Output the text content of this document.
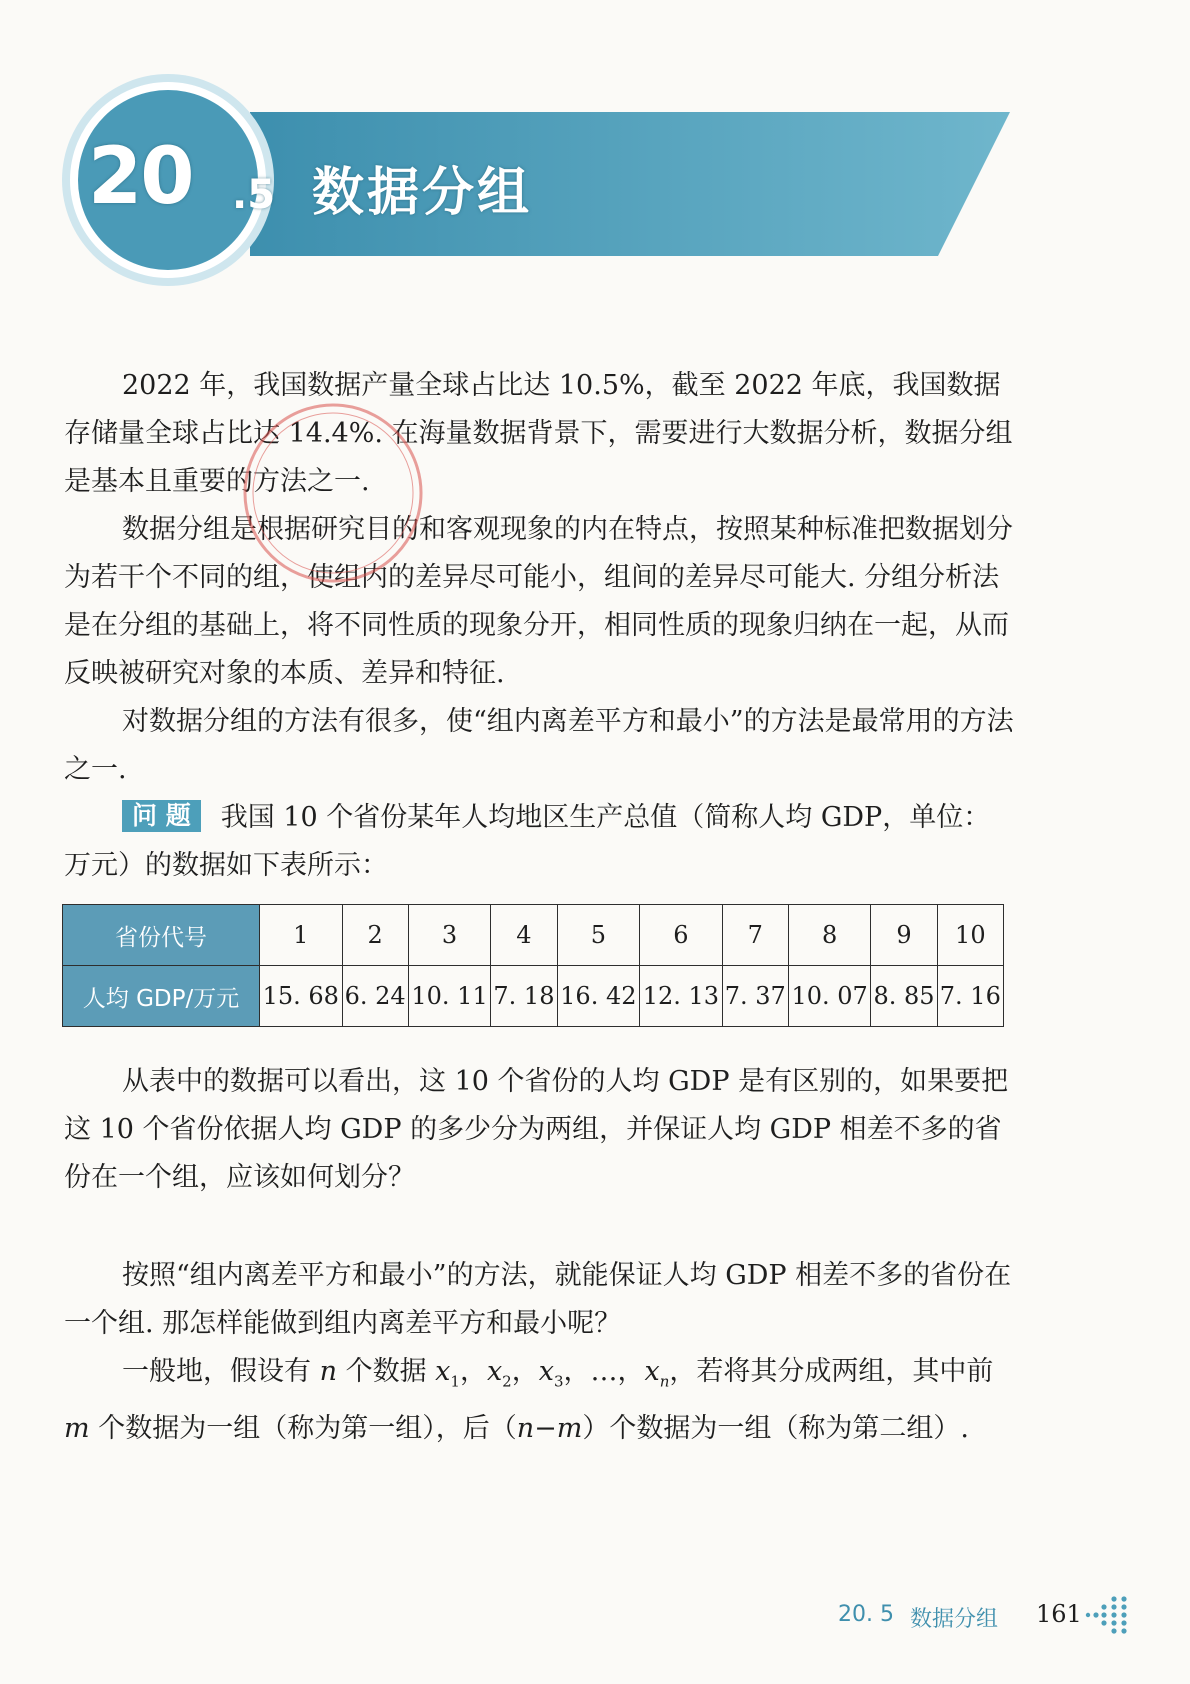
20 .5 数据分组

2022 年，我国数据产量全球占比达 10.5%，截至 2022 年底，我国数据存储量全球占比达 14.4%. 在海量数据背景下，需要进行大数据分析，数据分组是基本且重要的方法之一.

数据分组是根据研究目的和客观现象的内在特点，按照某种标准把数据划分为若干个不同的组，使组内的差异尽可能小，组间的差异尽可能大. 分组分析法是在分组的基础上，将不同性质的现象分开，相同性质的现象归纳在一起，从而反映被研究对象的本质、差异和特征.

对数据分组的方法有很多，使“组内离差平方和最小”的方法是最常用的方法之一.

问 题 我国 10 个省份某年人均地区生产总值（简称人均 GDP，单位：万元）的数据如下表所示：

省份代号	1	2	3	4	5	6	7	8	9	10
人均 GDP/万元	15. 68	6. 24	10. 11	7. 18	16. 42	12. 13	7. 37	10. 07	8. 85	7. 16

从表中的数据可以看出，这 10 个省份的人均 GDP 是有区别的，如果要把这 10 个省份依据人均 GDP 的多少分为两组，并保证人均 GDP 相差不多的省份在一个组，应该如何划分？

按照“组内离差平方和最小”的方法，就能保证人均 GDP 相差不多的省份在一个组. 那怎样能做到组内离差平方和最小呢？

一般地，假设有 n 个数据 $x_1$，$x_2$，$x_3$，…，$x_n$，若将其分成两组，其中前 m 个数据为一组（称为第一组），后（n−m）个数据为一组（称为第二组）.

20. 5 数据分组 161
